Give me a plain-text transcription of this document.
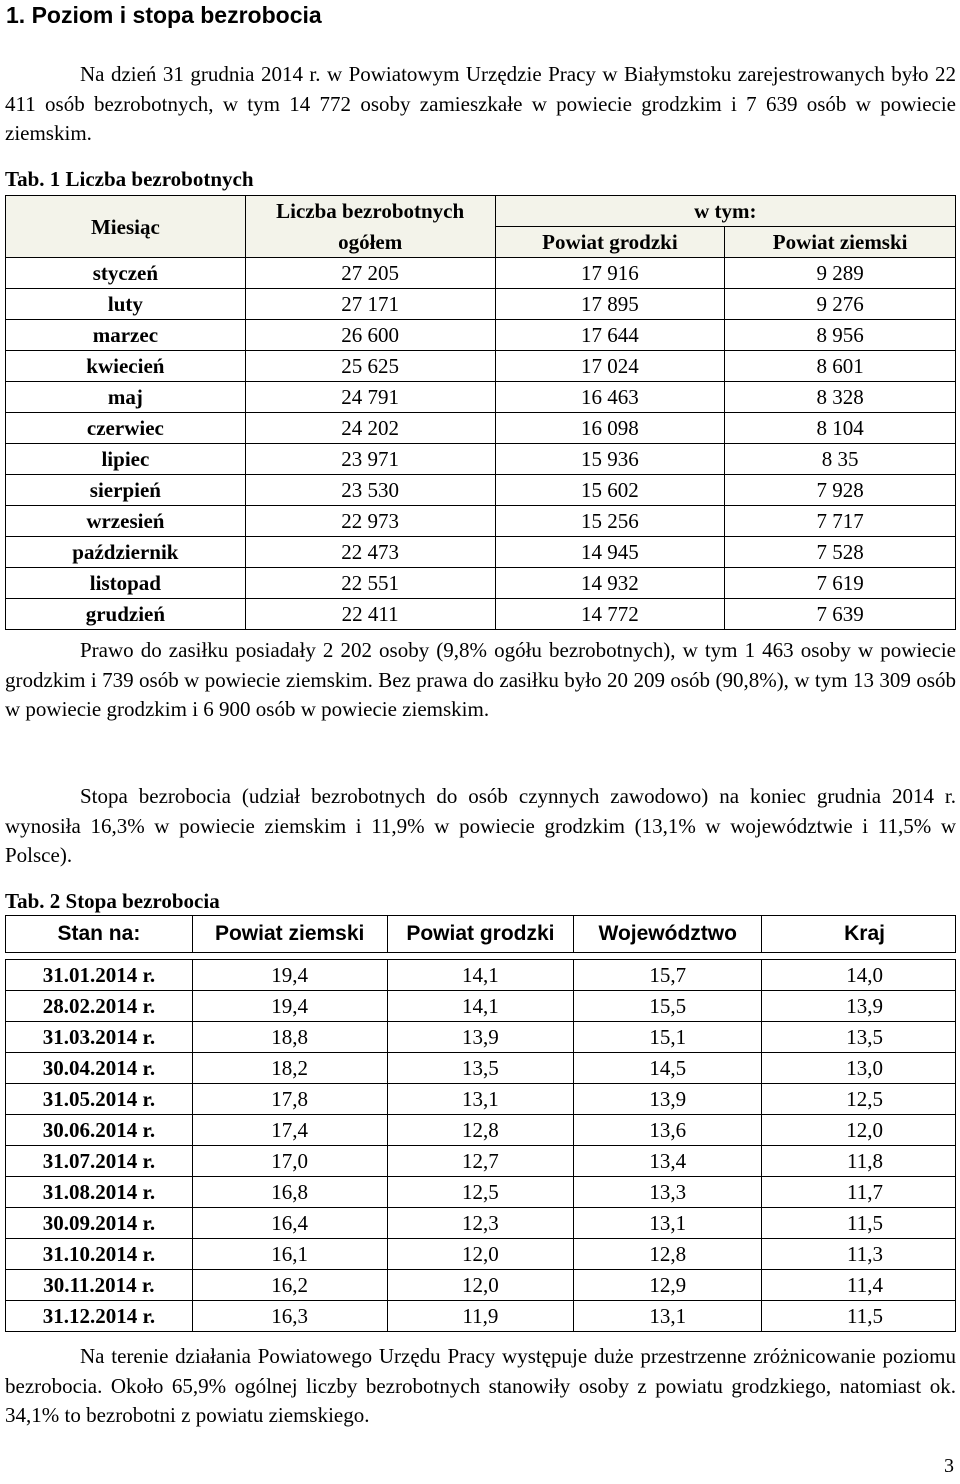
1. Poziom i stopa bezrobocia
Na dzień 31 grudnia 2014 r. w Powiatowym Urzędzie Pracy w Białymstoku zarejestrowanych było 22 411 osób bezrobotnych, w tym 14 772 osoby zamieszkałe w powiecie grodzkim i 7 639 osób w powiecie ziemskim.
Tab. 1 Liczba bezrobotnych
Miesiąc	Liczba bezrobotnych	w tym:	
	ogółem	Powiat grodzki	Powiat ziemski
styczeń	27 205	17 916	9 289
luty	27 171	17 895	9 276
marzec	26 600	17 644	8 956
kwiecień	25 625	17 024	8 601
maj	24 791	16 463	8 328
czerwiec	24 202	16 098	8 104
lipiec	23 971	15 936	8 35
sierpień	23 530	15 602	7 928
wrzesień	22 973	15 256	7 717
październik	22 473	14 945	7 528
listopad	22 551	14 932	7 619
grudzień	22 411	14 772	7 639
Prawo do zasiłku posiadały 2 202 osoby (9,8% ogółu bezrobotnych), w tym 1 463 osoby w powiecie grodzkim i 739 osób w powiecie ziemskim. Bez prawa do zasiłku było 20 209 osób (90,8%), w tym 13 309 osób w powiecie grodzkim i 6 900 osób w powiecie ziemskim.
Stopa bezrobocia (udział bezrobotnych do osób czynnych zawodowo) na koniec grudnia 2014 r. wynosiła 16,3% w powiecie ziemskim i 11,9% w powiecie grodzkim (13,1% w województwie i 11,5% w Polsce).
Tab. 2 Stopa bezrobocia
Stan na:	Powiat ziemski	Powiat grodzki	Województwo	Kraj

31.01.2014 r.	19,4	14,1	15,7	14,0
28.02.2014 r.	19,4	14,1	15,5	13,9
31.03.2014 r.	18,8	13,9	15,1	13,5
30.04.2014 r.	18,2	13,5	14,5	13,0
31.05.2014 r.	17,8	13,1	13,9	12,5
30.06.2014 r.	17,4	12,8	13,6	12,0
31.07.2014 r.	17,0	12,7	13,4	11,8
31.08.2014 r.	16,8	12,5	13,3	11,7
30.09.2014 r.	16,4	12,3	13,1	11,5
31.10.2014 r.	16,1	12,0	12,8	11,3
30.11.2014 r.	16,2	12,0	12,9	11,4
31.12.2014 r.	16,3	11,9	13,1	11,5
Na terenie działania Powiatowego Urzędu Pracy występuje duże przestrzenne zróżnicowanie poziomu bezrobocia. Około 65,9% ogólnej liczby bezrobotnych stanowiły osoby z powiatu grodzkiego, natomiast ok. 34,1% to bezrobotni z powiatu ziemskiego.
3
